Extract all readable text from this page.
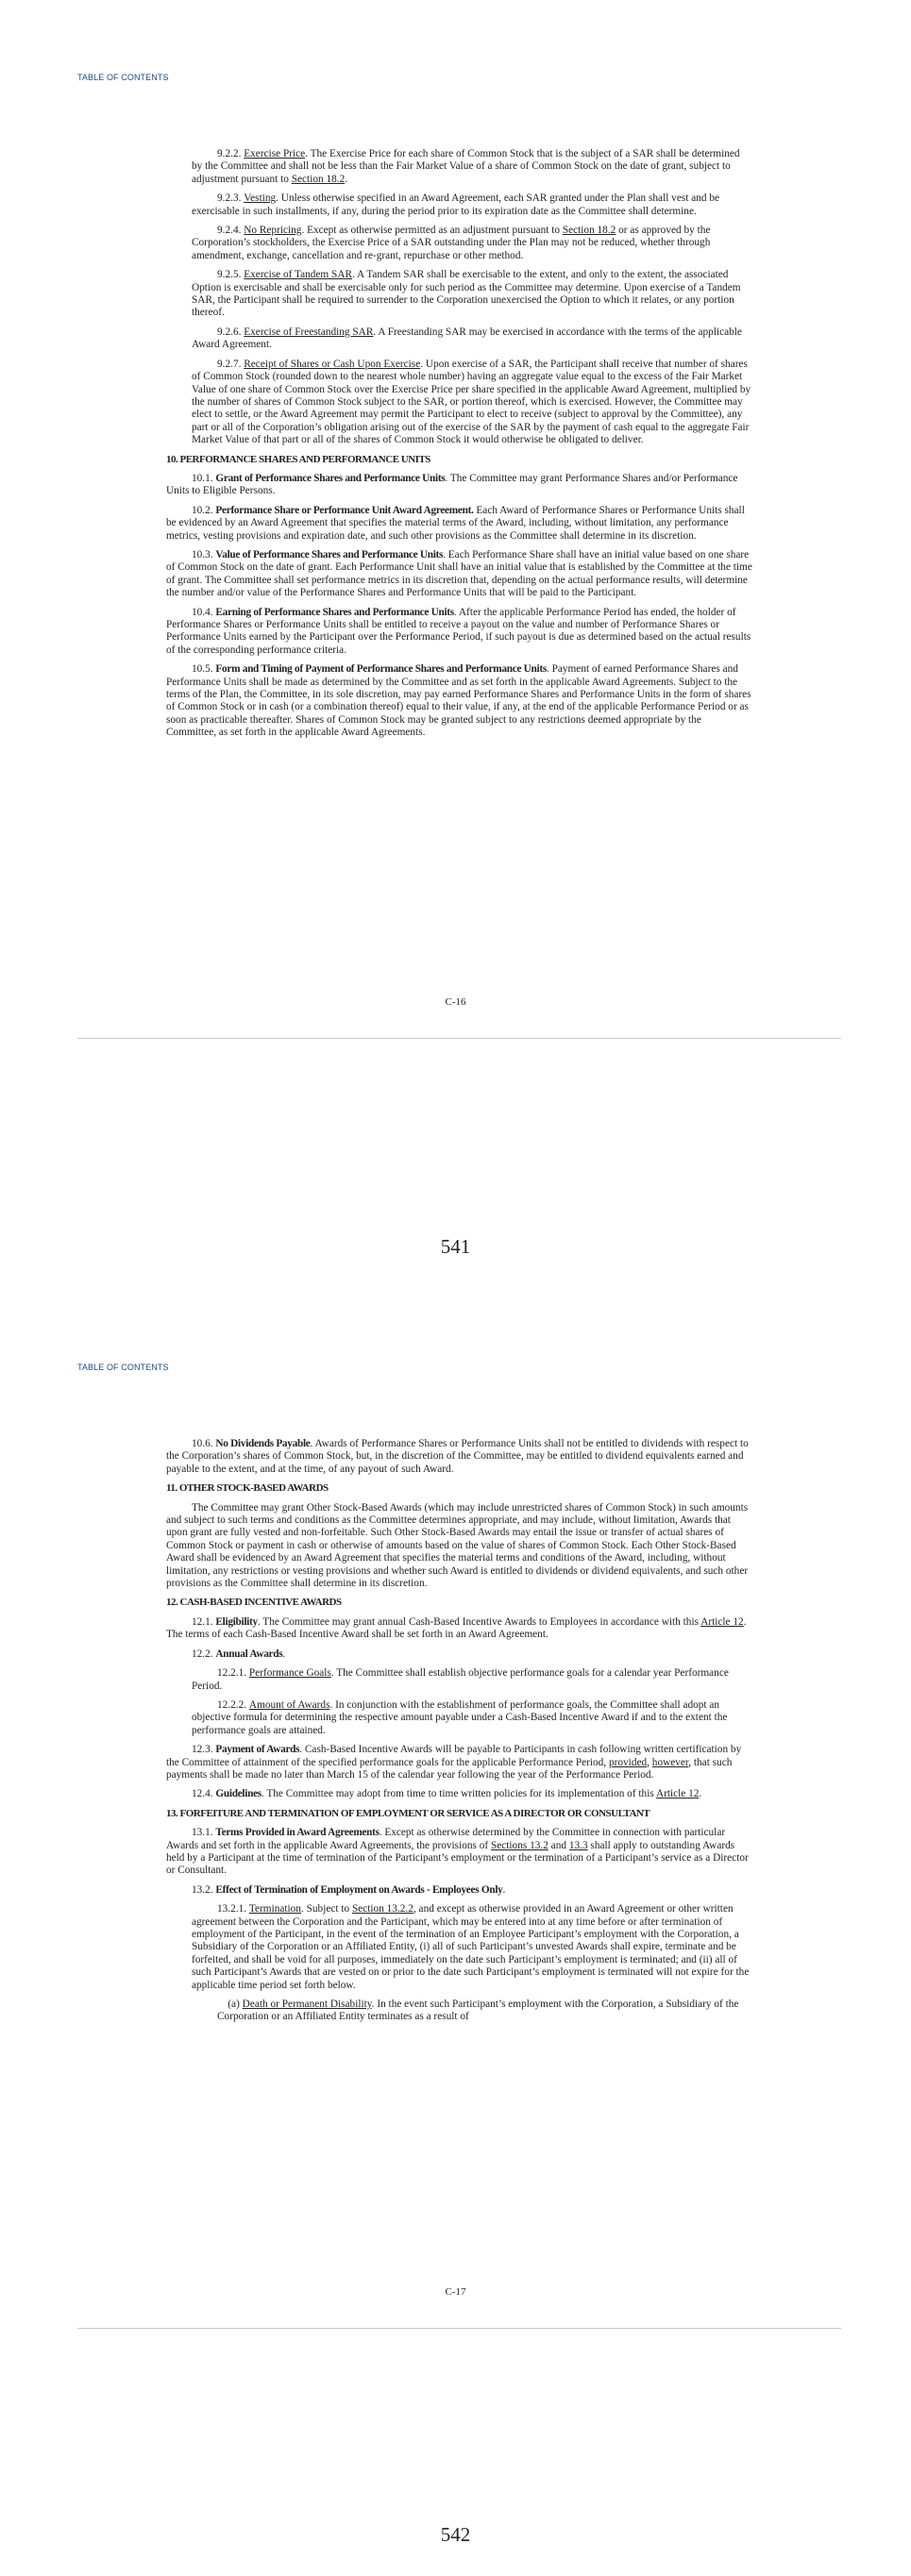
TABLE OF CONTENTS

9.2.2. Exercise Price. The Exercise Price for each share of Common Stock that is the subject of a SAR shall be determined by the Committee and shall not be less than the Fair Market Value of a share of Common Stock on the date of grant, subject to adjustment pursuant to Section 18.2.

9.2.3. Vesting. Unless otherwise specified in an Award Agreement, each SAR granted under the Plan shall vest and be exercisable in such installments, if any, during the period prior to its expiration date as the Committee shall determine.

9.2.4. No Repricing. Except as otherwise permitted as an adjustment pursuant to Section 18.2 or as approved by the Corporation’s stockholders, the Exercise Price of a SAR outstanding under the Plan may not be reduced, whether through amendment, exchange, cancellation and re-grant, repurchase or other method.

9.2.5. Exercise of Tandem SAR. A Tandem SAR shall be exercisable to the extent, and only to the extent, the associated Option is exercisable and shall be exercisable only for such period as the Committee may determine. Upon exercise of a Tandem SAR, the Participant shall be required to surrender to the Corporation unexercised the Option to which it relates, or any portion thereof.

9.2.6. Exercise of Freestanding SAR. A Freestanding SAR may be exercised in accordance with the terms of the applicable Award Agreement.

9.2.7. Receipt of Shares or Cash Upon Exercise. Upon exercise of a SAR, the Participant shall receive that number of shares of Common Stock (rounded down to the nearest whole number) having an aggregate value equal to the excess of the Fair Market Value of one share of Common Stock over the Exercise Price per share specified in the applicable Award Agreement, multiplied by the number of shares of Common Stock subject to the SAR, or portion thereof, which is exercised. However, the Committee may elect to settle, or the Award Agreement may permit the Participant to elect to receive (subject to approval by the Committee), any part or all of the Corporation’s obligation arising out of the exercise of the SAR by the payment of cash equal to the aggregate Fair Market Value of that part or all of the shares of Common Stock it would otherwise be obligated to deliver.

10. PERFORMANCE SHARES AND PERFORMANCE UNITS

10.1. Grant of Performance Shares and Performance Units. The Committee may grant Performance Shares and/or Performance Units to Eligible Persons.

10.2. Performance Share or Performance Unit Award Agreement. Each Award of Performance Shares or Performance Units shall be evidenced by an Award Agreement that specifies the material terms of the Award, including, without limitation, any performance metrics, vesting provisions and expiration date, and such other provisions as the Committee shall determine in its discretion.

10.3. Value of Performance Shares and Performance Units. Each Performance Share shall have an initial value based on one share of Common Stock on the date of grant. Each Performance Unit shall have an initial value that is established by the Committee at the time of grant. The Committee shall set performance metrics in its discretion that, depending on the actual performance results, will determine the number and/or value of the Performance Shares and Performance Units that will be paid to the Participant.

10.4. Earning of Performance Shares and Performance Units. After the applicable Performance Period has ended, the holder of Performance Shares or Performance Units shall be entitled to receive a payout on the value and number of Performance Shares or Performance Units earned by the Participant over the Performance Period, if such payout is due as determined based on the actual results of the corresponding performance criteria.

10.5. Form and Timing of Payment of Performance Shares and Performance Units. Payment of earned Performance Shares and Performance Units shall be made as determined by the Committee and as set forth in the applicable Award Agreements. Subject to the terms of the Plan, the Committee, in its sole discretion, may pay earned Performance Shares and Performance Units in the form of shares of Common Stock or in cash (or a combination thereof) equal to their value, if any, at the end of the applicable Performance Period or as soon as practicable thereafter. Shares of Common Stock may be granted subject to any restrictions deemed appropriate by the Committee, as set forth in the applicable Award Agreements.

C-16
541
TABLE OF CONTENTS

10.6. No Dividends Payable. Awards of Performance Shares or Performance Units shall not be entitled to dividends with respect to the Corporation’s shares of Common Stock, but, in the discretion of the Committee, may be entitled to dividend equivalents earned and payable to the extent, and at the time, of any payout of such Award.

11. OTHER STOCK-BASED AWARDS

The Committee may grant Other Stock-Based Awards (which may include unrestricted shares of Common Stock) in such amounts and subject to such terms and conditions as the Committee determines appropriate, and may include, without limitation, Awards that upon grant are fully vested and non-forfeitable. Such Other Stock-Based Awards may entail the issue or transfer of actual shares of Common Stock or payment in cash or otherwise of amounts based on the value of shares of Common Stock. Each Other Stock-Based Award shall be evidenced by an Award Agreement that specifies the material terms and conditions of the Award, including, without limitation, any restrictions or vesting provisions and whether such Award is entitled to dividends or dividend equivalents, and such other provisions as the Committee shall determine in its discretion.

12. CASH-BASED INCENTIVE AWARDS

12.1. Eligibility. The Committee may grant annual Cash-Based Incentive Awards to Employees in accordance with this Article 12. The terms of each Cash-Based Incentive Award shall be set forth in an Award Agreement.

12.2. Annual Awards.

12.2.1. Performance Goals. The Committee shall establish objective performance goals for a calendar year Performance Period.

12.2.2. Amount of Awards. In conjunction with the establishment of performance goals, the Committee shall adopt an objective formula for determining the respective amount payable under a Cash-Based Incentive Award if and to the extent the performance goals are attained.

12.3. Payment of Awards. Cash-Based Incentive Awards will be payable to Participants in cash following written certification by the Committee of attainment of the specified performance goals for the applicable Performance Period, provided, however, that such payments shall be made no later than March 15 of the calendar year following the year of the Performance Period.

12.4. Guidelines. The Committee may adopt from time to time written policies for its implementation of this Article 12.

13. FORFEITURE AND TERMINATION OF EMPLOYMENT OR SERVICE AS A DIRECTOR OR CONSULTANT

13.1. Terms Provided in Award Agreements. Except as otherwise determined by the Committee in connection with particular Awards and set forth in the applicable Award Agreements, the provisions of Sections 13.2 and 13.3 shall apply to outstanding Awards held by a Participant at the time of termination of the Participant’s employment or the termination of a Participant’s service as a Director or Consultant.

13.2. Effect of Termination of Employment on Awards - Employees Only.

13.2.1. Termination. Subject to Section 13.2.2, and except as otherwise provided in an Award Agreement or other written agreement between the Corporation and the Participant, which may be entered into at any time before or after termination of employment of the Participant, in the event of the termination of an Employee Participant’s employment with the Corporation, a Subsidiary of the Corporation or an Affiliated Entity, (i) all of such Participant’s unvested Awards shall expire, terminate and be forfeited, and shall be void for all purposes, immediately on the date such Participant’s employment is terminated; and (ii) all of such Participant’s Awards that are vested on or prior to the date such Participant’s employment is terminated will not expire for the applicable time period set forth below.

(a) Death or Permanent Disability. In the event such Participant’s employment with the Corporation, a Subsidiary of the Corporation or an Affiliated Entity terminates as a result of

C-17
542
